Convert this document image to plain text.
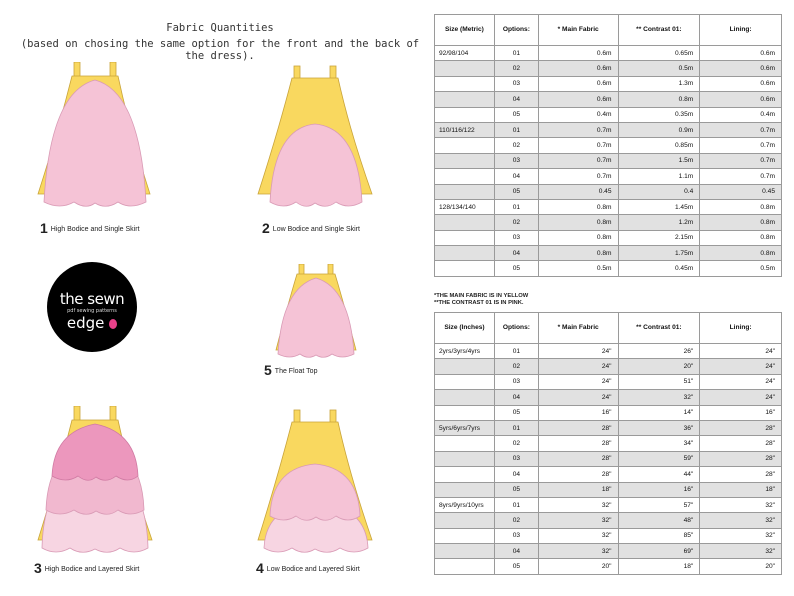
Fabric Quantities
(based on chosing the same option for the front and the back of the dress).
1 High Bodice and Single Skirt	2 Low Bodice and Single Skirt
the sewn
pdf sewing patterns
edge
5 The Float Top
3 High Bodice and Layered Skirt	4 Low Bodice and Layered Skirt
Size (Metric)	Options:	* Main Fabric	** Contrast 01:	Lining:
92/98/104	01	0.6m	0.65m	0.6m
	02	0.6m	0.5m	0.6m
	03	0.6m	1.3m	0.6m
	04	0.6m	0.8m	0.6m
	05	0.4m	0.35m	0.4m
110/116/122	01	0.7m	0.9m	0.7m
	02	0.7m	0.85m	0.7m
	03	0.7m	1.5m	0.7m
	04	0.7m	1.1m	0.7m
	05	0.45	0.4	0.45
128/134/140	01	0.8m	1.45m	0.8m
	02	0.8m	1.2m	0.8m
	03	0.8m	2.15m	0.8m
	04	0.8m	1.75m	0.8m
	05	0.5m	0.45m	0.5m
*THE MAIN FABRIC IS IN YELLOW
**THE CONTRAST 01 IS IN PINK.
Size (Inches)	Options:	* Main Fabric	** Contrast 01:	Lining:
2yrs/3yrs/4yrs	01	24"	26"	24"
	02	24"	20"	24"
	03	24"	51"	24"
	04	24"	32"	24"
	05	16"	14"	16"
5yrs/6yrs/7yrs	01	28"	36"	28"
	02	28"	34"	28"
	03	28"	59"	28"
	04	28"	44"	28"
	05	18"	16"	18"
8yrs/9yrs/10yrs	01	32"	57"	32"
	02	32"	48"	32"
	03	32"	85"	32"
	04	32"	69"	32"
	05	20"	18"	20"
